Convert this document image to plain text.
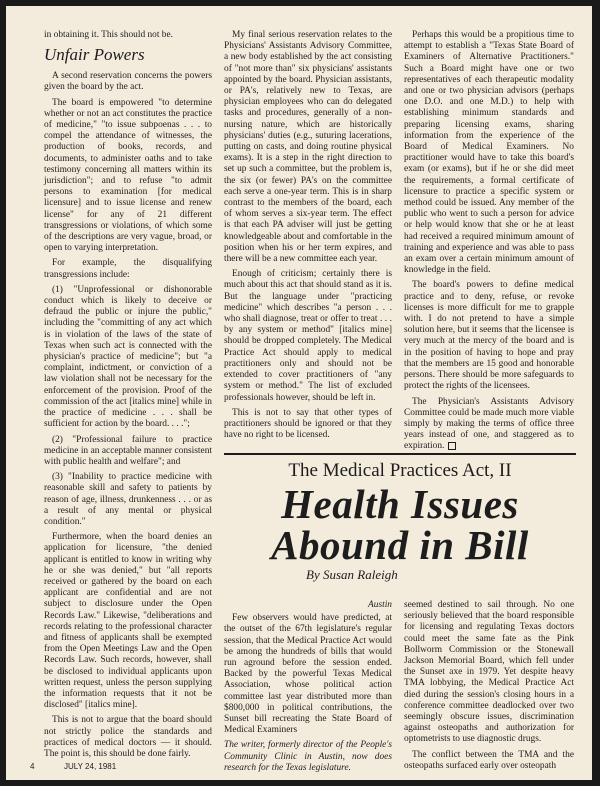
in obtaining it. This should not be.

Unfair Powers

A second reservation concerns the powers given the board by the act.

The board is empowered "to determine whether or not an act constitutes the practice of medicine," "to issue subpoenas . . . to compel the attendance of witnesses, the production of books, records, and documents, to administer oaths and to take testimony concerning all matters within its jurisdiction"; and to refuse "to admit persons to examination [for medical licensure] and to issue license and renew license" for any of 21 different transgressions or violations, of which some of the descriptions are very vague, broad, or open to varying interpretation.

For example, the disqualifying transgressions include:

(1) "Unprofessional or dishonorable conduct which is likely to deceive or defraud the public or injure the public," including the "committing of any act which is in violation of the laws of the state of Texas when such act is connected with the physician's practice of medicine"; but "a complaint, indictment, or conviction of a law violation shall not be necessary for the enforcement of the provision. Proof of the commission of the act [italics mine] while in the practice of medicine . . . shall be sufficient for action by the board. . . .";

(2) "Professional failure to practice medicine in an acceptable manner consistent with public health and welfare"; and

(3) "Inability to practice medicine with reasonable skill and safety to patients by reason of age, illness, drunkenness . . . or as a result of any mental or physical condition."

Furthermore, when the board denies an application for licensure, "the denied applicant is entitled to know in writing why he or she was denied," but "all reports received or gathered by the board on each applicant are confidential and are not subject to disclosure under the Open Records Law." Likewise, "deliberations and records relating to the professional character and fitness of applicants shall be exempted from the Open Meetings Law and the Open Records Law. Such records, however, shall be disclosed to individual applicants upon written request, unless the person supplying the information requests that it not be disclosed" [italics mine].

This is not to argue that the board should not strictly police the standards and practices of medical doctors — it should. The point is, this should be done fairly.

My final serious reservation relates to the Physicians' Assistants Advisory Committee, a new body established by the act consisting of "not more than" six physicians' assistants appointed by the board. Physician assistants, or PA's, relatively new to Texas, are physician employees who can do delegated tasks and procedures, generally of a non-nursing nature, which are historically physicians' duties (e.g., suturing lacerations, putting on casts, and doing routine physical exams). It is a step in the right direction to set up such a committee, but the problem is, the six (or fewer) PA's on the committee each serve a one-year term. This is in sharp contrast to the members of the board, each of whom serves a six-year term. The effect is that each PA adviser will just be getting knowledgeable about and comfortable in the position when his or her term expires, and there will be a new committee each year.

Enough of criticism; certainly there is much about this act that should stand as it is. But the language under "practicing medicine" which describes "a person . . . who shall diagnose, treat or offer to treat . . . by any system or method" [italics mine] should be dropped completely. The Medical Practice Act should apply to medical practitioners only and should not be extended to cover practitioners of "any system or method." The list of excluded professionals however, should be left in.

This is not to say that other types of practitioners should be ignored or that they have no right to be licensed.

Perhaps this would be a propitious time to attempt to establish a "Texas State Board of Examiners of Alternative Practitioners." Such a Board might have one or two representatives of each therapeutic modality and one or two physician advisors (perhaps one D.O. and one M.D.) to help with establishing minimum standards and preparing licensing exams, sharing information from the experience of the Board of Medical Examiners. No practitioner would have to take this board's exam (or exams), but if he or she did meet the requirements, a formal certificate of licensure to practice a specific system or method could be issued. Any member of the public who went to such a person for advice or help would know that she or he at least had received a required minimum amount of training and experience and was able to pass an exam over a certain minimum amount of knowledge in the field.

The board's powers to define medical practice and to deny, refuse, or revoke licenses is more difficult for me to grapple with. I do not pretend to have a simple solution here, but it seems that the licensee is very much at the mercy of the board and is in the position of having to hope and pray that the members are 15 good and honorable persons. There should be more safeguards to protect the rights of the licensees.

The Physician's Assistants Advisory Committee could be made much more viable simply by making the terms of office three years instead of one, and staggered as to expiration.

The Medical Practices Act, II
Health Issues
Abound in Bill
By Susan Raleigh
Austin

Few observers would have predicted, at the outset of the 67th legislature's regular session, that the Medical Practice Act would be among the hundreds of bills that would run aground before the session ended. Backed by the powerful Texas Medical Association, whose political action committee last year distributed more than $800,000 in political contributions, the Sunset bill recreating the State Board of Medical Examiners

The writer, formerly director of the People's Community Clinic in Austin, now does research for the Texas legislature.

seemed destined to sail through. No one seriously believed that the board responsible for licensing and regulating Texas doctors could meet the same fate as the Pink Bollworm Commission or the Stonewall Jackson Memorial Board, which fell under the Sunset axe in 1979. Yet despite heavy TMA lobbying, the Medical Practice Act died during the session's closing hours in a conference committee deadlocked over two seemingly obscure issues, discrimination against osteopaths and authorization for optometrists to use diagnostic drugs.

The conflict between the TMA and the osteopaths surfaced early over osteopath

4	JULY 24, 1981
